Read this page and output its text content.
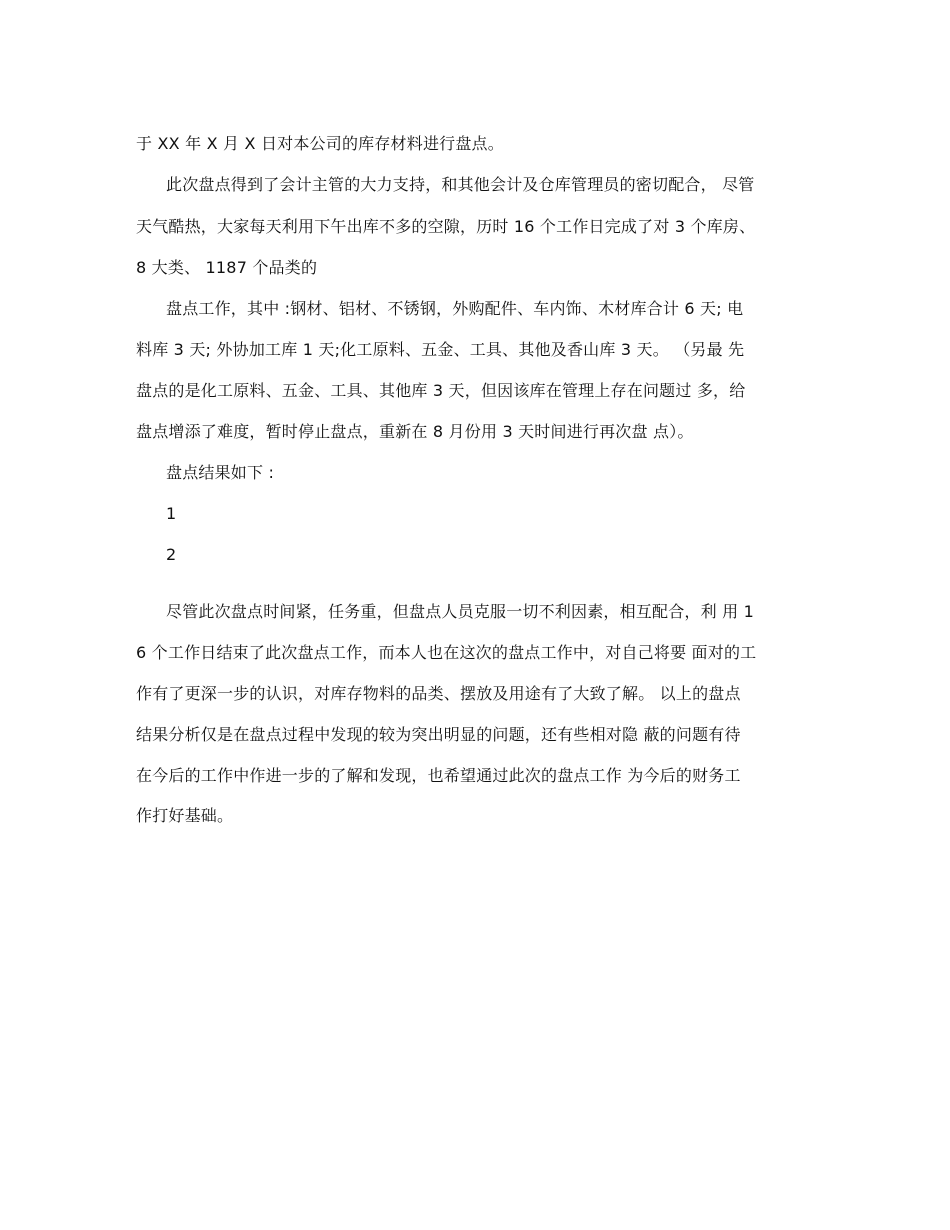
于 XX 年 X 月 X 日对本公司的库存材料进行盘点。
此次盘点得到了会计主管的大力支持，和其他会计及仓库管理员的密切配合， 尽管
天气酷热，大家每天利用下午出库不多的空隙，历时 16 个工作日完成了对 3 个库房、
8 大类、 1187 个品类的
盘点工作，其中 :钢材、铝材、不锈钢，外购配件、车内饰、木材库合计 6 天; 电
料库 3 天; 外协加工库 1 天;化工原料、五金、工具、其他及香山库 3 天。 （另最 先
盘点的是化工原料、五金、工具、其他库 3 天，但因该库在管理上存在问题过 多，给
盘点增添了难度，暂时停止盘点，重新在 8 月份用 3 天时间进行再次盘 点）。
盘点结果如下 :
1
2
尽管此次盘点时间紧，任务重，但盘点人员克服一切不利因素，相互配合，利 用 1
6 个工作日结束了此次盘点工作，而本人也在这次的盘点工作中，对自己将要 面对的工
作有了更深一步的认识，对库存物料的品类、摆放及用途有了大致了解。 以上的盘点
结果分析仅是在盘点过程中发现的较为突出明显的问题，还有些相对隐 蔽的问题有待
在今后的工作中作进一步的了解和发现，也希望通过此次的盘点工作 为今后的财务工
作打好基础。
